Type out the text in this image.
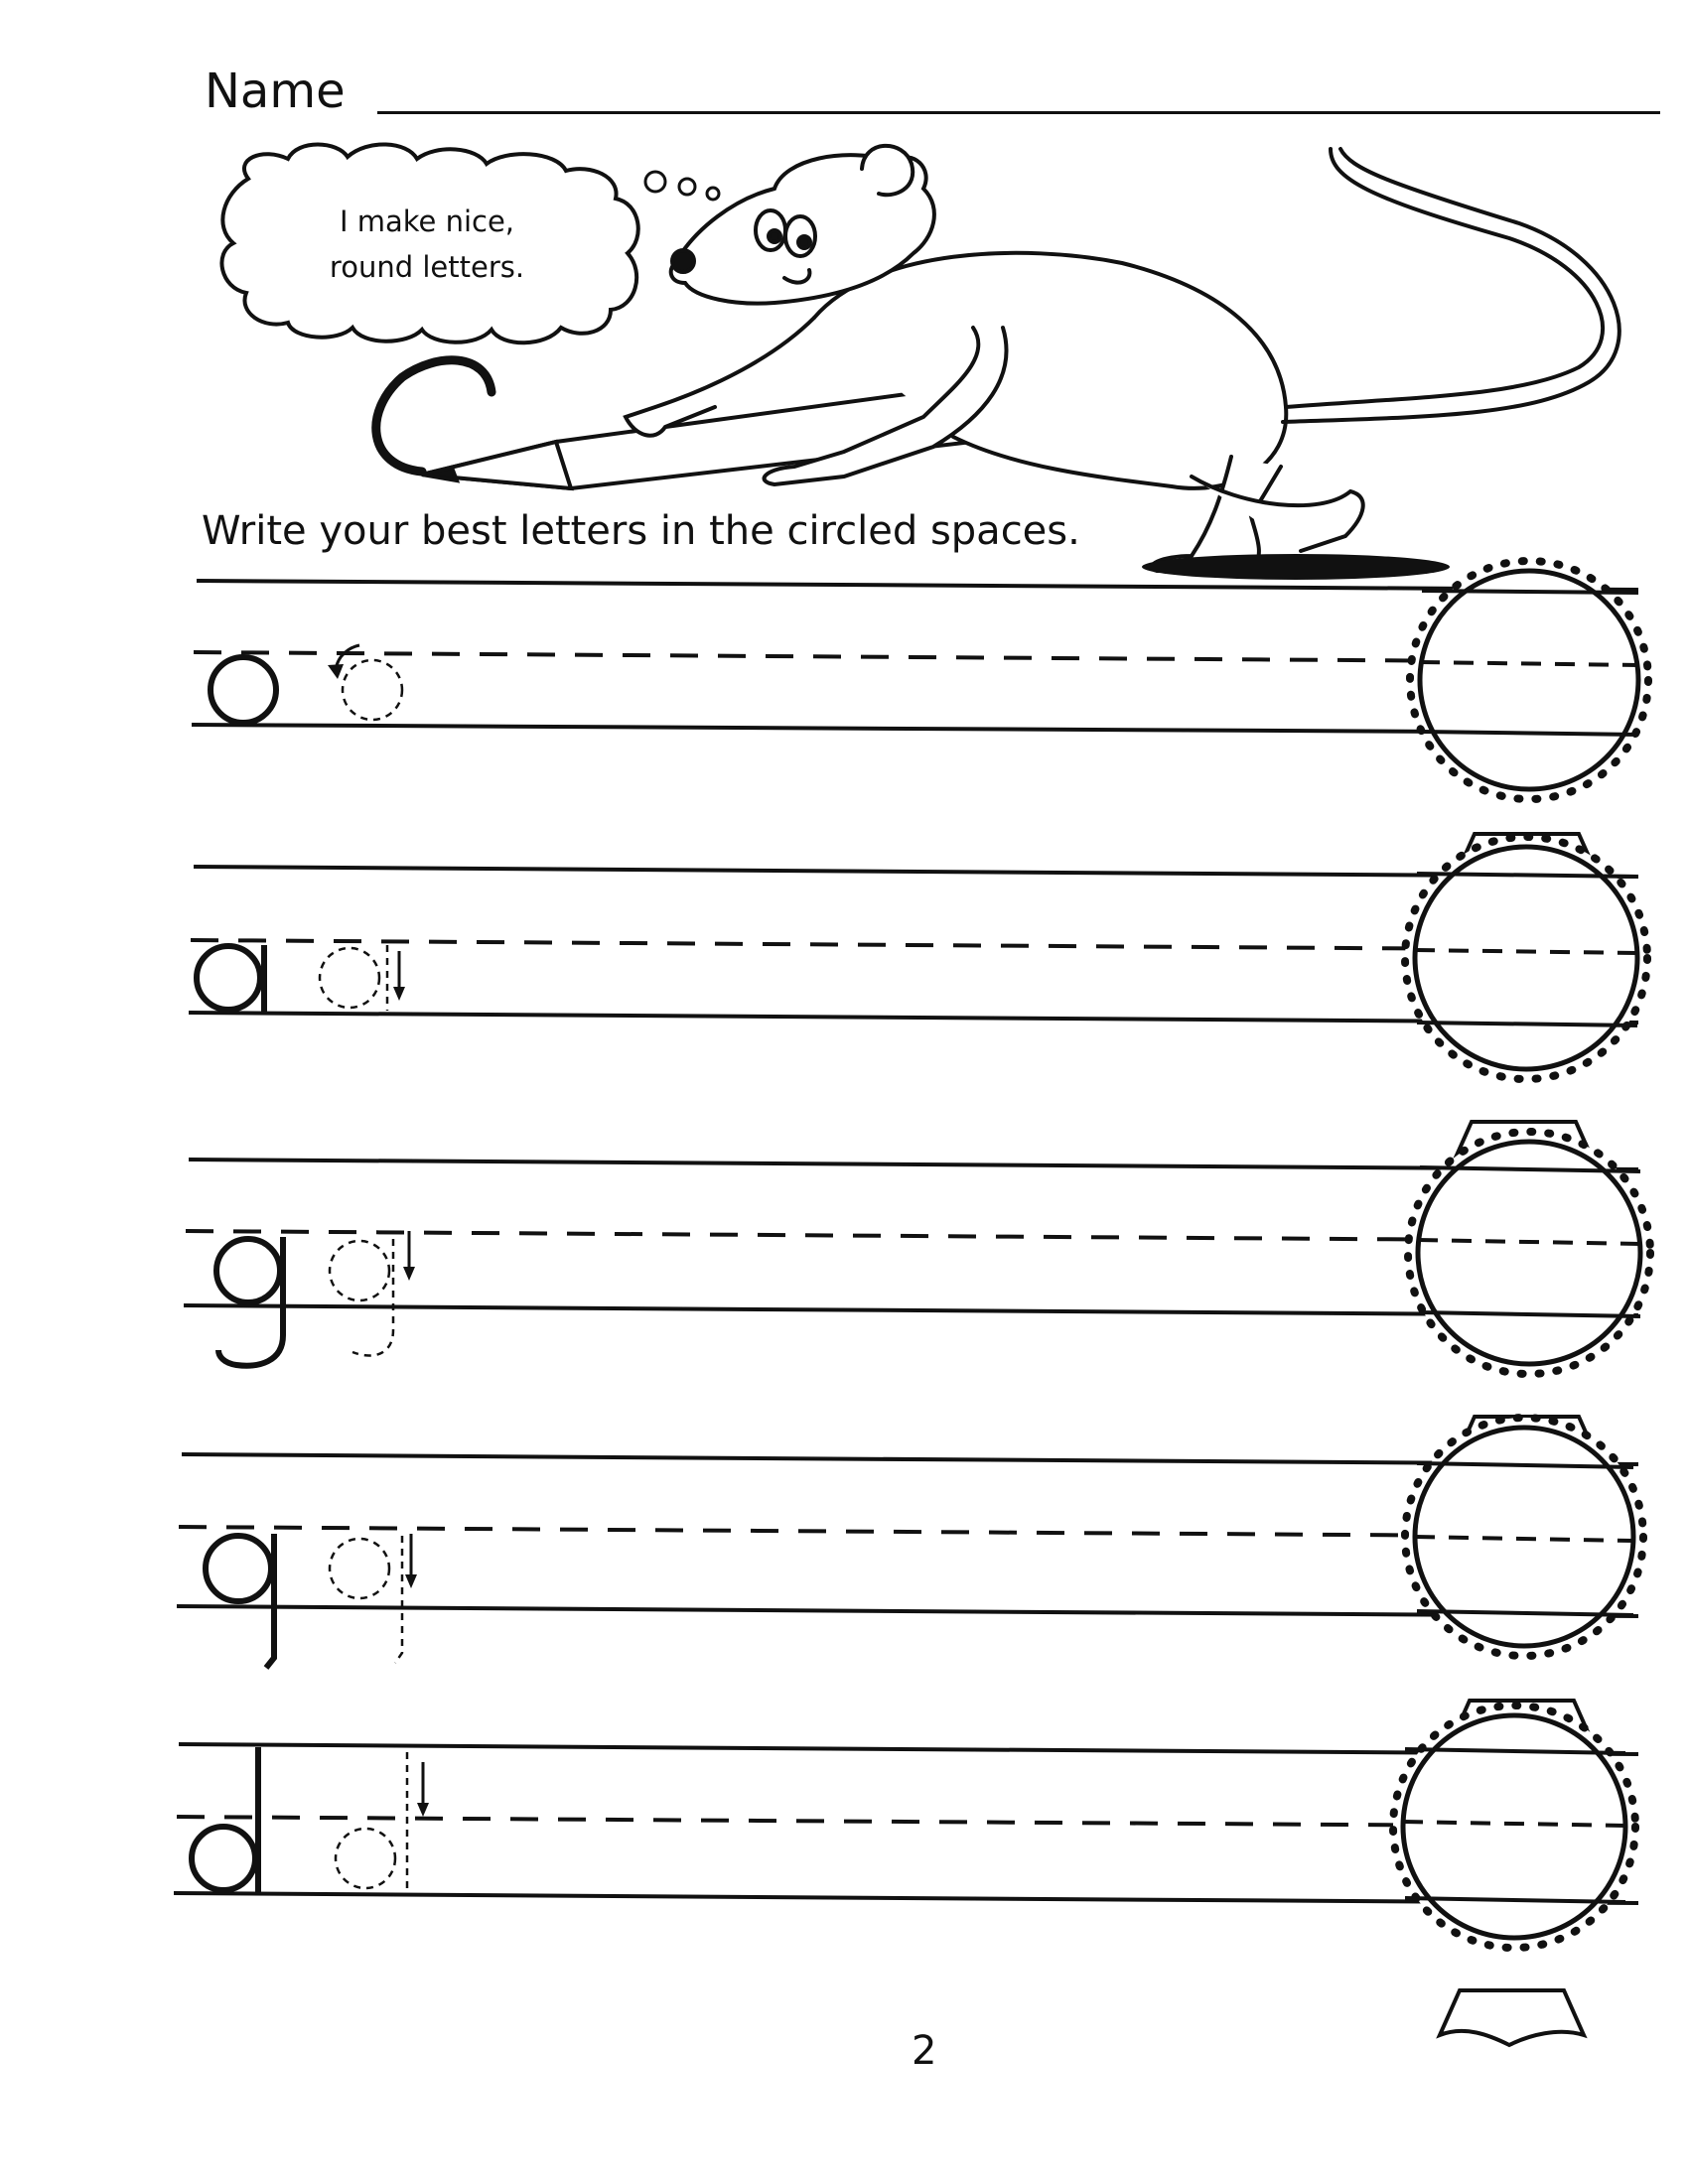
Name
I make nice,
round letters.
Write your best letters in the circled spaces.
2
